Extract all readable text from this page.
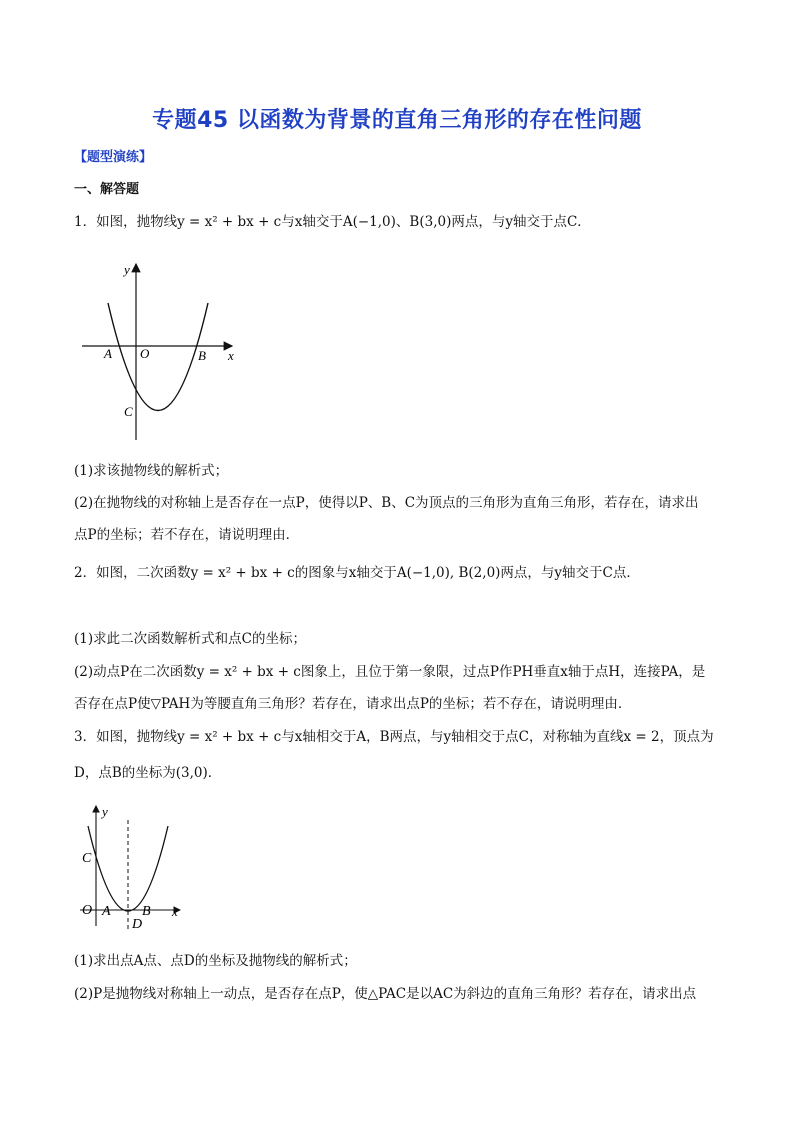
专题45 以函数为背景的直角三角形的存在性问题
【题型演练】
一、解答题
1．如图，抛物线y = x² + bx + c与x轴交于A(−1,0)、B(3,0)两点，与y轴交于点C．
y
x
A O	B
C
(1)求该抛物线的解析式；
(2)在抛物线的对称轴上是否存在一点P，使得以P、B、C为顶点的三角形为直角三角形，若存在，请求出
点P的坐标；若不存在，请说明理由．
2．如图，二次函数y = x² + bx + c的图象与x轴交于A(−1,0), B(2,0)两点，与y轴交于C点．
(1)求此二次函数解析式和点C的坐标；
(2)动点P在二次函数y = x² + bx + c图象上，且位于第一象限，过点P作PH垂直x轴于点H，连接PA，是
否存在点P使▽PAH为等腰直角三角形？若存在，请求出点P的坐标；若不存在，请说明理由．
3．如图，抛物线y = x² + bx + c与x轴相交于A，B两点，与y轴相交于点C，对称轴为直线x = 2，顶点为
D，点B的坐标为(3,0)．
y
x
C
O A B
D
(1)求出点A点、点D的坐标及抛物线的解析式；
(2)P是抛物线对称轴上一动点，是否存在点P，使△PAC是以AC为斜边的直角三角形？若存在，请求出点
